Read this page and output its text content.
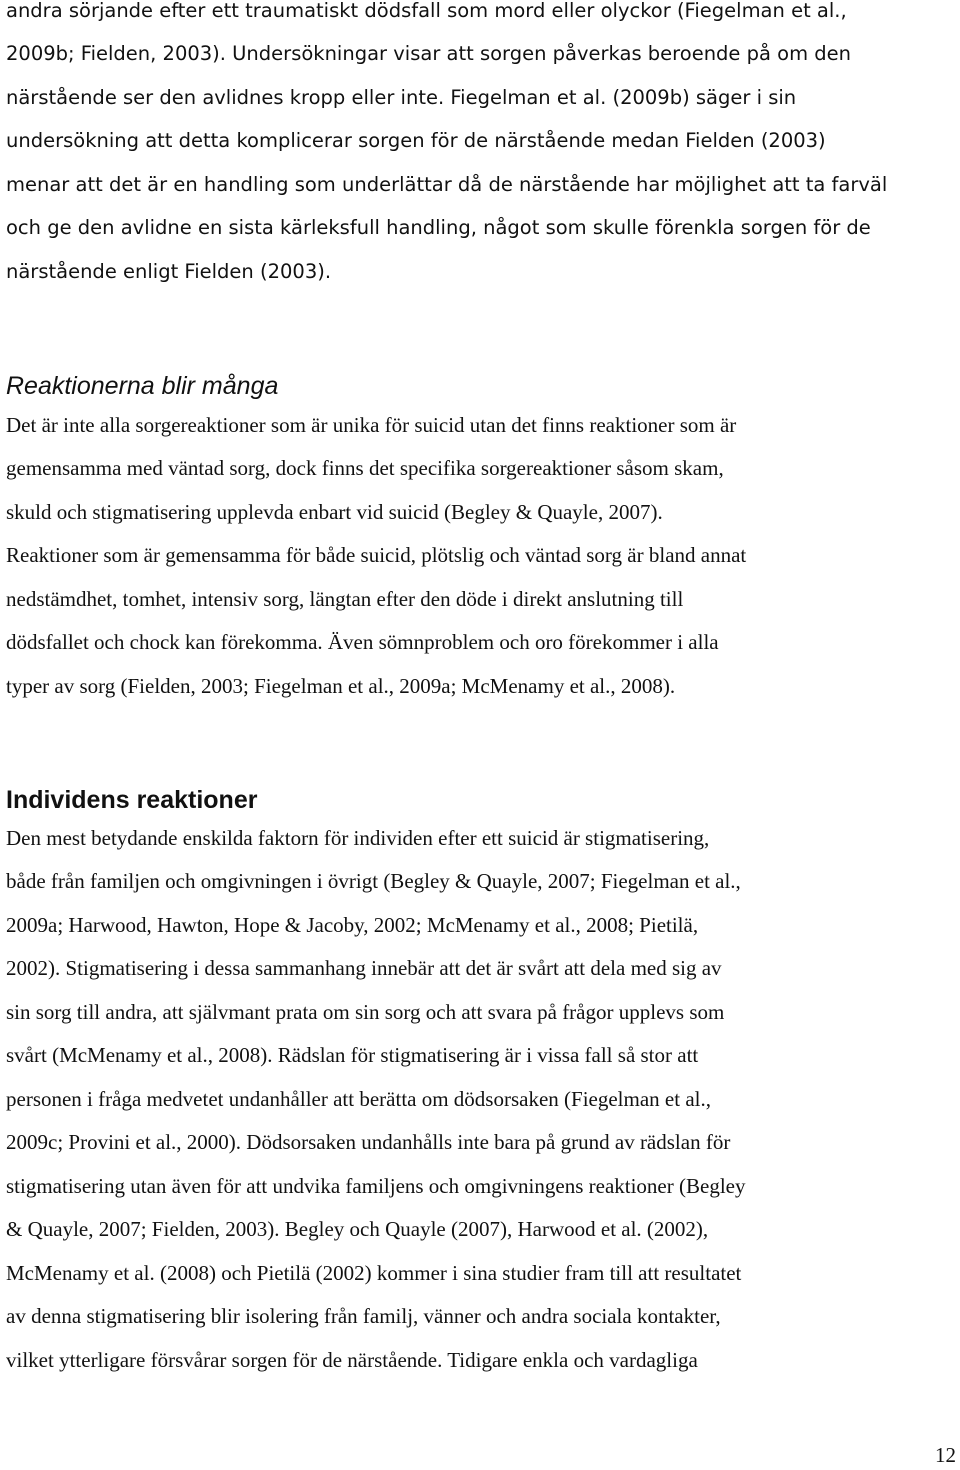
andra sörjande efter ett traumatiskt dödsfall som mord eller olyckor (Fiegelman et al.,
2009b; Fielden, 2003). Undersökningar visar att sorgen påverkas beroende på om den
närstående ser den avlidnes kropp eller inte. Fiegelman et al. (2009b) säger i sin
undersökning att detta komplicerar sorgen för de närstående medan Fielden (2003)
menar att det är en handling som underlättar då de närstående har möjlighet att ta farväl
och ge den avlidne en sista kärleksfull handling, något som skulle förenkla sorgen för de
närstående enligt Fielden (2003).
Reaktionerna blir många
Det är inte alla sorgereaktioner som är unika för suicid utan det finns reaktioner som är
gemensamma med väntad sorg, dock finns det specifika sorgereaktioner såsom skam,
skuld och stigmatisering upplevda enbart vid suicid (Begley & Quayle, 2007).
Reaktioner som är gemensamma för både suicid, plötslig och väntad sorg är bland annat
nedstämdhet, tomhet, intensiv sorg, längtan efter den döde i direkt anslutning till
dödsfallet och chock kan förekomma. Även sömnproblem och oro förekommer i alla
typer av sorg (Fielden, 2003; Fiegelman et al., 2009a; McMenamy et al., 2008).
Individens reaktioner
Den mest betydande enskilda faktorn för individen efter ett suicid är stigmatisering,
både från familjen och omgivningen i övrigt (Begley & Quayle, 2007; Fiegelman et al.,
2009a; Harwood, Hawton, Hope & Jacoby, 2002; McMenamy et al., 2008; Pietilä,
2002). Stigmatisering i dessa sammanhang innebär att det är svårt att dela med sig av
sin sorg till andra, att självmant prata om sin sorg och att svara på frågor upplevs som
svårt (McMenamy et al., 2008). Rädslan för stigmatisering är i vissa fall så stor att
personen i fråga medvetet undanhåller att berätta om dödsorsaken (Fiegelman et al.,
2009c; Provini et al., 2000). Dödsorsaken undanhålls inte bara på grund av rädslan för
stigmatisering utan även för att undvika familjens och omgivningens reaktioner (Begley
& Quayle, 2007; Fielden, 2003). Begley och Quayle (2007), Harwood et al. (2002),
McMenamy et al. (2008) och Pietilä (2002) kommer i sina studier fram till att resultatet
av denna stigmatisering blir isolering från familj, vänner och andra sociala kontakter,
vilket ytterligare försvårar sorgen för de närstående. Tidigare enkla och vardagliga
12
